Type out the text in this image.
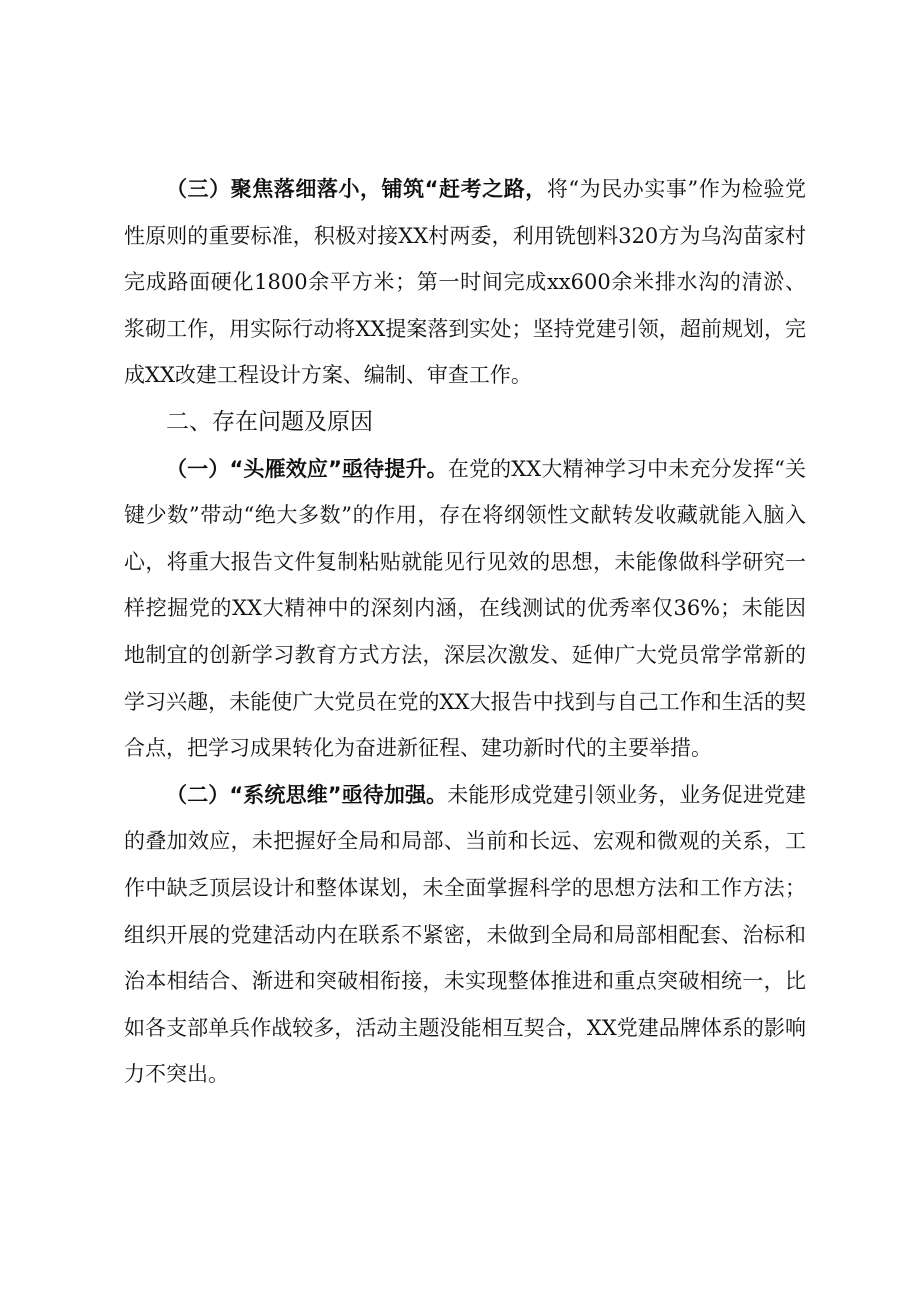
（三）聚焦落细落小，铺筑“赶考之路，将“为民办实事”作为检验党性原则的重要标准，积极对接XX村两委，利用铣刨料320方为乌沟苗家村完成路面硬化1800余平方米；第一时间完成xx600余米排水沟的清淤、浆砌工作，用实际行动将XX提案落到实处；坚持党建引领，超前规划，完成XX改建工程设计方案、编制、审查工作。

二、存在问题及原因

（一）“头雁效应”亟待提升。在党的XX大精神学习中未充分发挥“关键少数”带动“绝大多数”的作用，存在将纲领性文献转发收藏就能入脑入心，将重大报告文件复制粘贴就能见行见效的思想，未能像做科学研究一样挖掘党的XX大精神中的深刻内涵，在线测试的优秀率仅36%；未能因地制宜的创新学习教育方式方法，深层次激发、延伸广大党员常学常新的学习兴趣，未能使广大党员在党的XX大报告中找到与自己工作和生活的契合点，把学习成果转化为奋进新征程、建功新时代的主要举措。

（二）“系统思维”亟待加强。未能形成党建引领业务，业务促进党建的叠加效应，未把握好全局和局部、当前和长远、宏观和微观的关系，工作中缺乏顶层设计和整体谋划，未全面掌握科学的思想方法和工作方法；组织开展的党建活动内在联系不紧密，未做到全局和局部相配套、治标和治本相结合、渐进和突破相衔接，未实现整体推进和重点突破相统一，比如各支部单兵作战较多，活动主题没能相互契合，XX党建品牌体系的影响力不突出。
